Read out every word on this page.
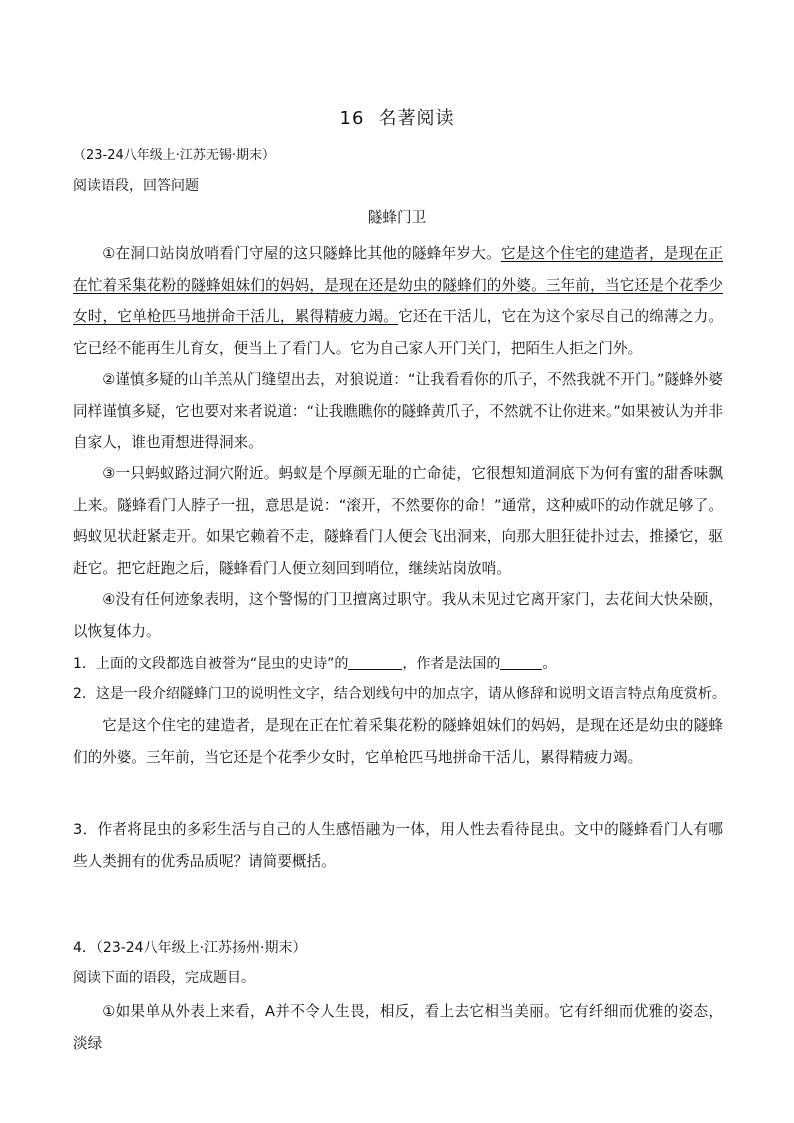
16 名著阅读
（23-24八年级上·江苏无锡·期末）
阅读语段，回答问题
隧蜂门卫
①在洞口站岗放哨看门守屋的这只隧蜂比其他的隧蜂年岁大。它是这个住宅的建造者，是现在正在忙着采集花粉的隧蜂姐妹们的妈妈，是现在还是幼虫的隧蜂们的外婆。三年前，当它还是个花季少女时，它单枪匹马地拼命干活儿，累得精疲力竭。它还在干活儿，它在为这个家尽自己的绵薄之力。它已经不能再生儿育女，便当上了看门人。它为自己家人开门关门，把陌生人拒之门外。
②谨慎多疑的山羊羔从门缝望出去，对狼说道：“让我看看你的爪子，不然我就不开门。”隧蜂外婆同样谨慎多疑，它也要对来者说道：“让我瞧瞧你的隧蜂黄爪子，不然就不让你进来。”如果被认为并非自家人，谁也甭想进得洞来。
③一只蚂蚁路过洞穴附近。蚂蚁是个厚颜无耻的亡命徒，它很想知道洞底下为何有蜜的甜香味飘上来。隧蜂看门人脖子一扭，意思是说：“滚开，不然要你的命！”通常，这种威吓的动作就足够了。蚂蚁见状赶紧走开。如果它赖着不走，隧蜂看门人便会飞出洞来，向那大胆狂徒扑过去，推搡它，驱赶它。把它赶跑之后，隧蜂看门人便立刻回到哨位，继续站岗放哨。
④没有任何迹象表明，这个警惕的门卫擅离过职守。我从未见过它离开家门，去花间大快朵颐，以恢复体力。
1．上面的文段都选自被誉为“昆虫的史诗”的	，作者是法国的	。
2．这是一段介绍隧蜂门卫的说明性文字，结合划线句中的加点字，请从修辞和说明文语言特点角度赏析。
它是这个住宅的建造者，是现在正在忙着采集花粉的隧蜂姐妹们的妈妈，是现在还是幼虫的隧蜂们的外婆。三年前，当它还是个花季少女时，它单枪匹马地拼命干活儿，累得精疲力竭。
3．作者将昆虫的多彩生活与自己的人生感悟融为一体，用人性去看待昆虫。文中的隧蜂看门人有哪些人类拥有的优秀品质呢？请简要概括。
4．（23-24八年级上·江苏扬州·期末）
阅读下面的语段，完成题目。
①如果单从外表上来看，A并不令人生畏，相反，看上去它相当美丽。它有纤细而优雅的姿态，淡绿
